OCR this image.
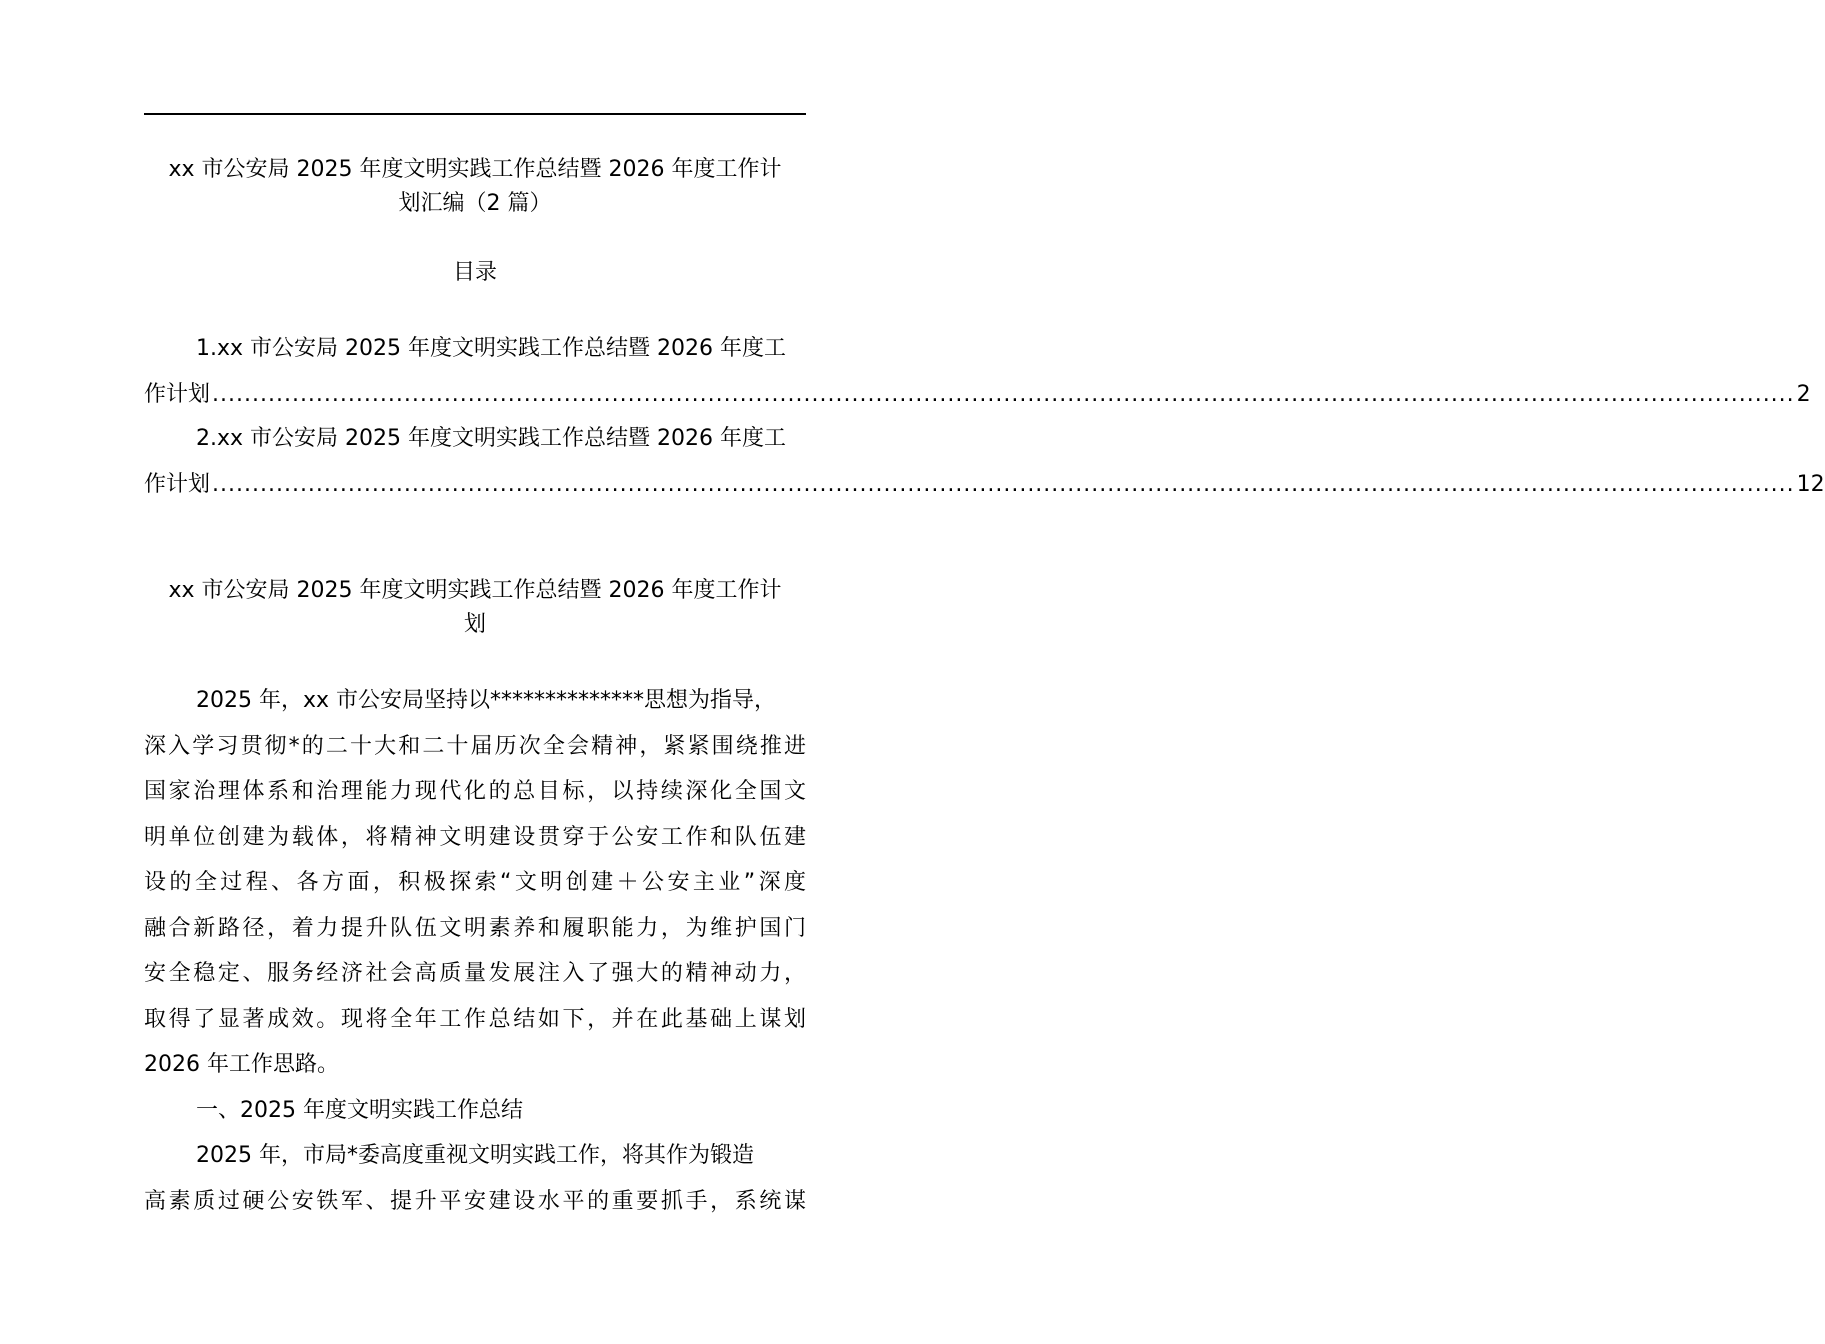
xx 市公安局 2025 年度文明实践工作总结暨 2026 年度工作计
划汇编（2 篇）
目录
1.xx 市公安局 2025 年度文明实践工作总结暨 2026 年度工
作计划 ...................................................................................................................................................................................................... 2
2.xx 市公安局 2025 年度文明实践工作总结暨 2026 年度工
作计划 ...................................................................................................................................................................................................... 12
xx 市公安局 2025 年度文明实践工作总结暨 2026 年度工作计
划
2025 年，xx 市公安局坚持以**************思想为指导，
深入学习贯彻*的二十大和二十届历次全会精神，紧紧围绕推进
国家治理体系和治理能力现代化的总目标，以持续深化全国文
明单位创建为载体，将精神文明建设贯穿于公安工作和队伍建
设的全过程、各方面，积极探索“文明创建＋公安主业”深度
融合新路径，着力提升队伍文明素养和履职能力，为维护国门
安全稳定、服务经济社会高质量发展注入了强大的精神动力，
取得了显著成效。现将全年工作总结如下，并在此基础上谋划
2026 年工作思路。
一、2025 年度文明实践工作总结
2025 年，市局*委高度重视文明实践工作，将其作为锻造
高素质过硬公安铁军、提升平安建设水平的重要抓手，系统谋
